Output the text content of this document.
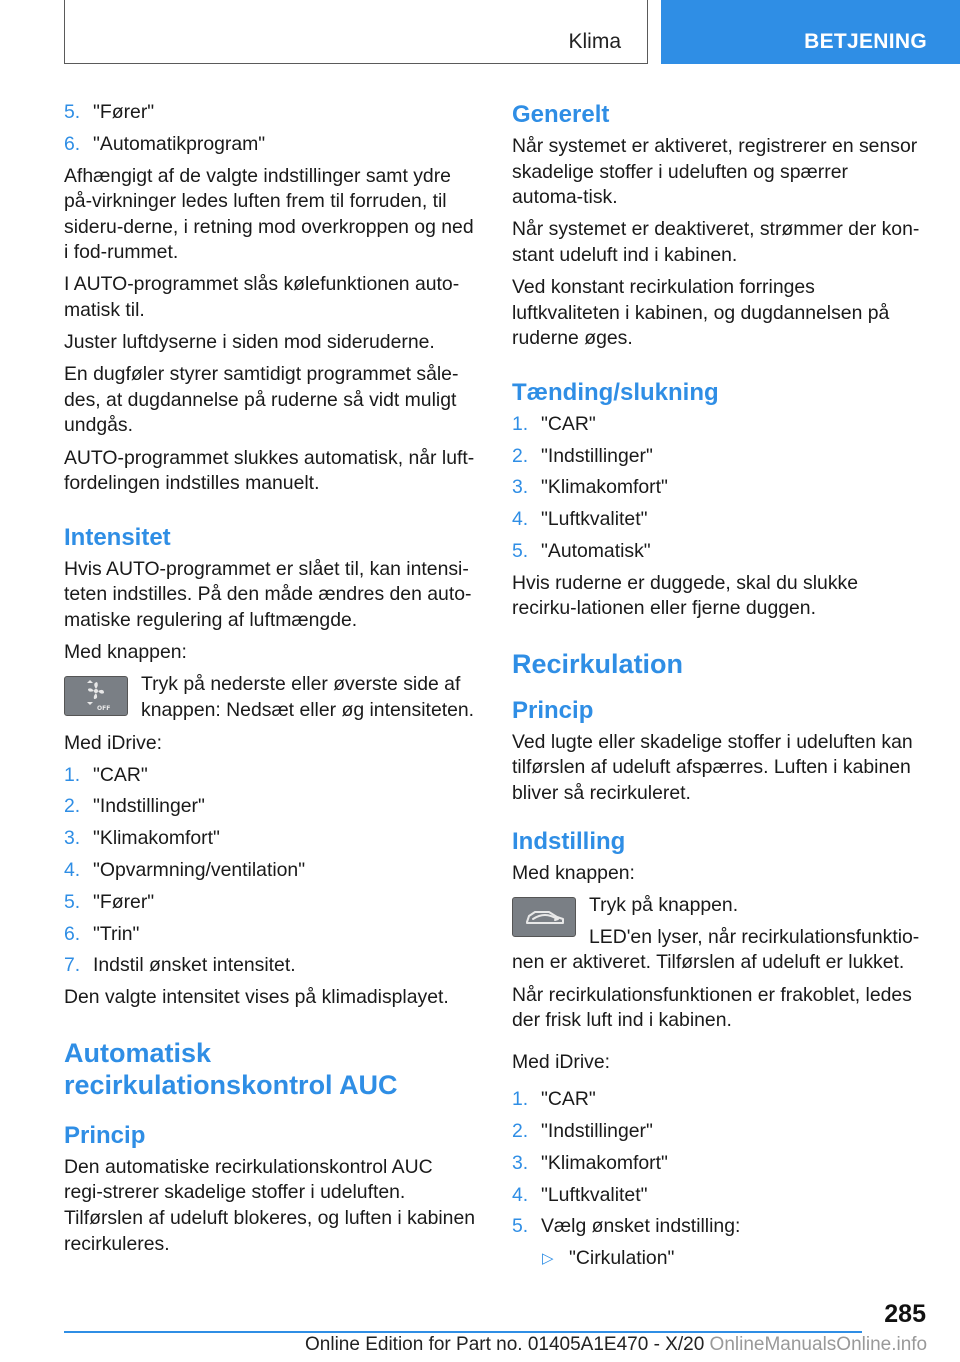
Klima	BETJENING
5. "Fører"
6. "Automatikprogram"

Afhængigt af de valgte indstillinger samt ydre på-virkninger ledes luften frem til forruden, til sideru-derne, i retning mod overkroppen og ned i fod-rummet.

I AUTO-programmet slås kølefunktionen auto-matisk til.

Juster luftdyserne i siden mod sideruderne.

En dugføler styrer samtidigt programmet såle-des, at dugdannelse på ruderne så vidt muligt undgås.

AUTO-programmet slukkes automatisk, når luft-fordelingen indstilles manuelt.

Intensitet

Hvis AUTO-programmet er slået til, kan intensi-teten indstilles. På den måde ændres den auto-matiske regulering af luftmængde.

Med knappen:

OFF
Tryk på nederste eller øverste side af knappen: Nedsæt eller øg intensiteten.

Med iDrive:

1. "CAR"
2. "Indstillinger"
3. "Klimakomfort"
4. "Opvarmning/ventilation"
5. "Fører"
6. "Trin"
7. Indstil ønsket intensitet.

Den valgte intensitet vises på klimadisplayet.

Automatisk recirkulationskontrol AUC
Princip

Den automatiske recirkulationskontrol AUC regi-strerer skadelige stoffer i udeluften. Tilførslen af udeluft blokeres, og luften i kabinen recirkuleres.

Generelt

Når systemet er aktiveret, registrerer en sensor skadelige stoffer i udeluften og spærrer automa-tisk.

Når systemet er deaktiveret, strømmer der kon-stant udeluft ind i kabinen.

Ved konstant recirkulation forringes luftkvaliteten i kabinen, og dugdannelsen på ruderne øges.

Tænding/slukning
1. "CAR"
2. "Indstillinger"
3. "Klimakomfort"
4. "Luftkvalitet"
5. "Automatisk"

Hvis ruderne er duggede, skal du slukke recirku-lationen eller fjerne duggen.

Recirkulation
Princip

Ved lugte eller skadelige stoffer i udeluften kan tilførslen af udeluft afspærres. Luften i kabinen bliver så recirkuleret.

Indstilling

Med knappen:

Tryk på knappen.
LED'en lyser, når recirkulationsfunktio-nen er aktiveret. Tilførslen af udeluft er lukket.

Når recirkulationsfunktionen er frakoblet, ledes der frisk luft ind i kabinen.

Med iDrive:

1. "CAR"
2. "Indstillinger"
3. "Klimakomfort"
4. "Luftkvalitet"
5. Vælg ønsket indstilling:
▷ "Cirkulation"
285
Online Edition for Part no. 01405A1E470 - X/20 OnlineManualsOnline.info
